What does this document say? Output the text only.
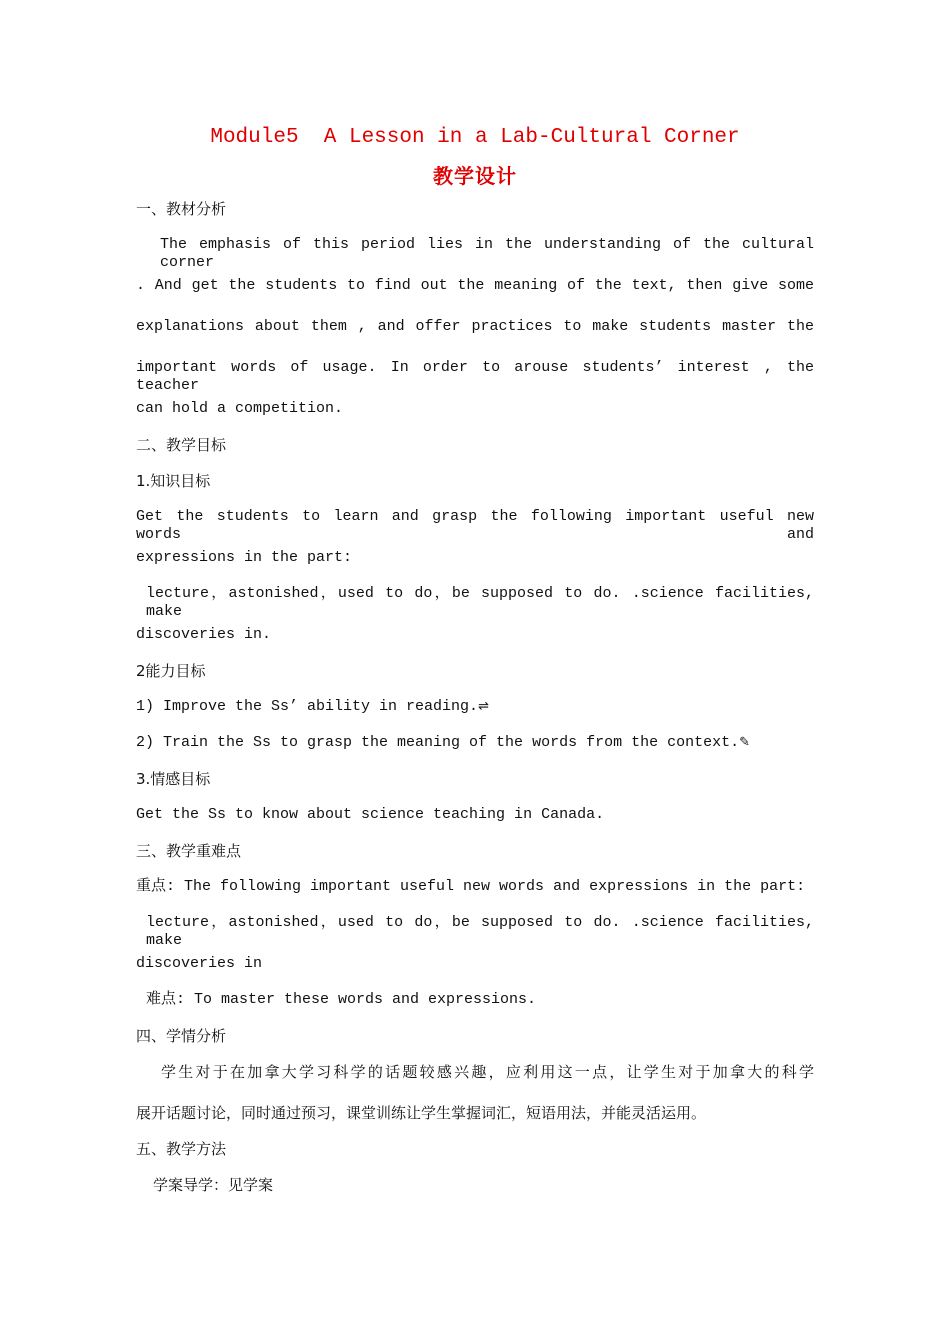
Module5  A Lesson in a Lab-Cultural Corner
教学设计
一、教材分析
The emphasis of this period lies in the understanding of the cultural corner
. And get the students to find out the meaning of the text, then give some
explanations about them , and offer practices to make students master the
important words of usage. In order to arouse students’ interest , the teacher
can hold a competition.
二、教学目标
1.知识目标
Get the students to learn and grasp the following important useful new words and
expressions in the part:
lecture，astonished，used to do，be supposed to do. .science facilities, make
discoveries in.
2能力目标
1) Improve the Ss’ ability in reading.⇌
2) Train the Ss to grasp the meaning of the words from the context.✎
3.情感目标
Get the Ss to know about science teaching in Canada.
三、教学重难点
重点: The following important useful new words and expressions in the part:
lecture，astonished，used to do，be supposed to do. .science facilities, make
discoveries in
难点: To master these words and expressions.
四、学情分析
学生对于在加拿大学习科学的话题较感兴趣，应利用这一点，让学生对于加拿大的科学
展开话题讨论，同时通过预习，课堂训练让学生掌握词汇，短语用法，并能灵活运用。
五、教学方法
学案导学：见学案
